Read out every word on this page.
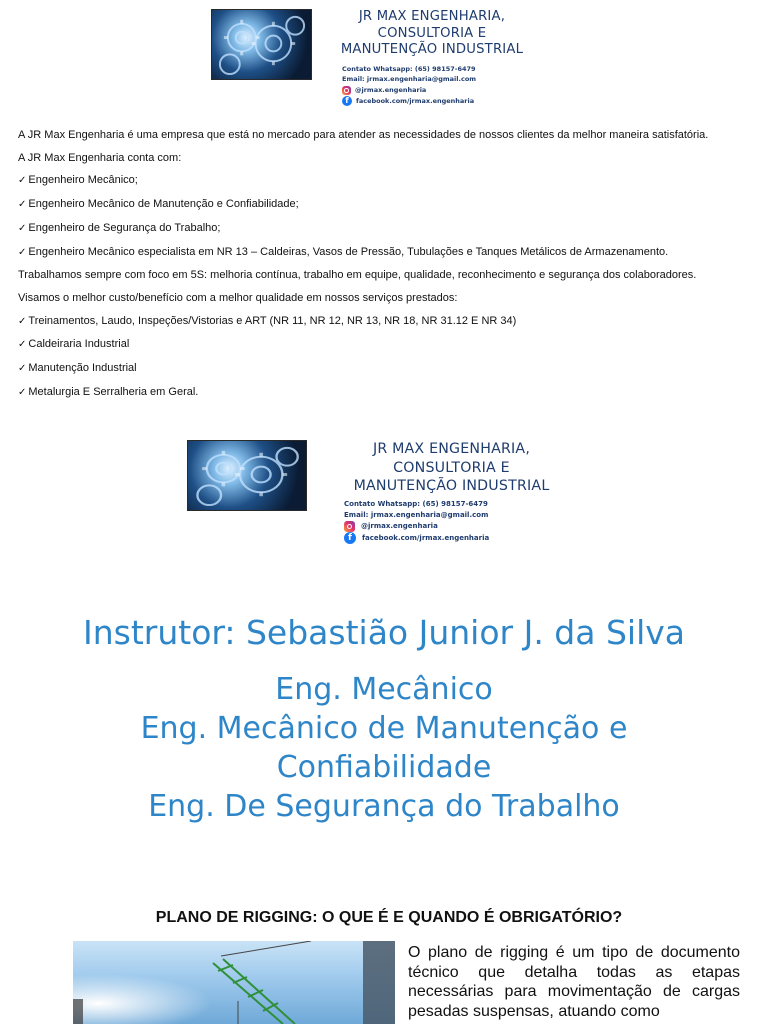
JR MAX ENGENHARIA,
CONSULTORIA E
MANUTENÇÃO INDUSTRIAL
Contato Whatsapp: (65) 98157-6479
Email: jrmax.engenharia@gmail.com
@jrmax.engenharia
f	facebook.com/jrmax.engenharia
A JR Max Engenharia é uma empresa que está no mercado para atender as necessidades de nossos clientes da melhor maneira satisfatória.
A JR Max Engenharia conta com:
✓ Engenheiro Mecânico;
✓ Engenheiro Mecânico de Manutenção e Confiabilidade;
✓ Engenheiro de Segurança do Trabalho;
✓ Engenheiro Mecânico especialista em NR 13 – Caldeiras, Vasos de Pressão, Tubulações e Tanques Metálicos de Armazenamento.
Trabalhamos sempre com foco em 5S: melhoria contínua, trabalho em equipe, qualidade, reconhecimento e segurança dos colaboradores.
Visamos o melhor custo/benefício com a melhor qualidade em nossos serviços prestados:
✓ Treinamentos, Laudo, Inspeções/Vistorias e ART (NR 11, NR 12, NR 13, NR 18, NR 31.12 E NR 34)
✓ Caldeiraria Industrial
✓ Manutenção Industrial
✓ Metalurgia E Serralheria em Geral.
JR MAX ENGENHARIA,
CONSULTORIA E
MANUTENÇÃO INDUSTRIAL
Contato Whatsapp: (65) 98157-6479
Email: jrmax.engenharia@gmail.com
@jrmax.engenharia
f	facebook.com/jrmax.engenharia
Instrutor: Sebastião Junior J. da Silva
Eng. Mecânico
Eng. Mecânico de Manutenção e
Confiabilidade
Eng. De Segurança do Trabalho
PLANO DE RIGGING: O QUE É E QUANDO É OBRIGATÓRIO?
O plano de rigging é um tipo de documento técnico que detalha todas as etapas necessárias para movimentação de cargas pesadas suspensas, atuando como
